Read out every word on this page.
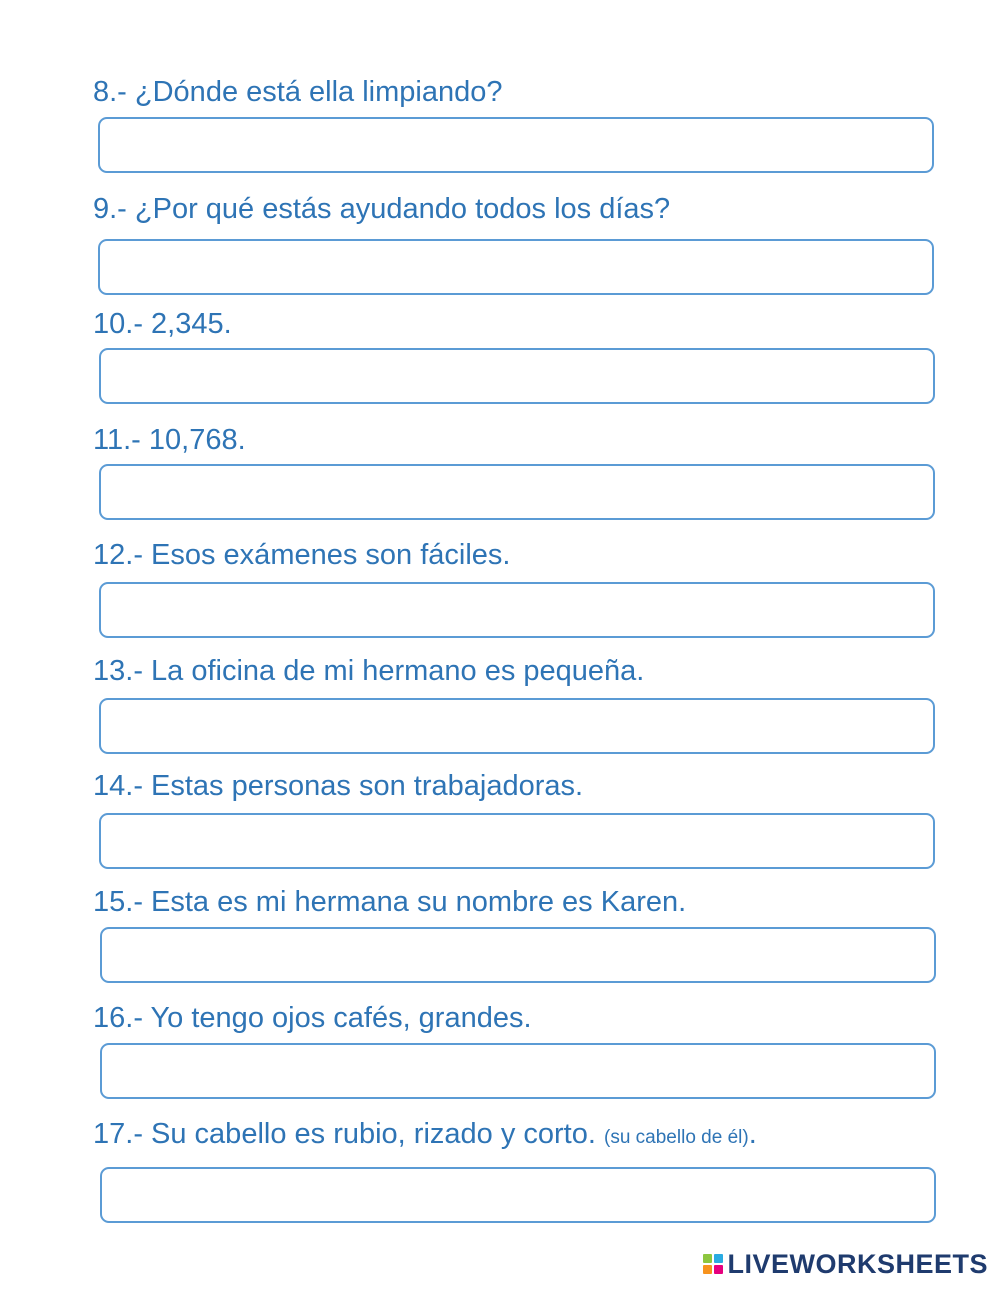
8.- ¿Dónde está ella limpiando?

9.- ¿Por qué estás ayudando todos los días?

10.- 2,345.

11.- 10,768.

12.- Esos exámenes son fáciles.

13.- La oficina de mi hermano es pequeña.

14.- Estas personas son trabajadoras.

15.- Esta es mi hermana su nombre es Karen.

16.- Yo tengo ojos cafés, grandes.

17.- Su cabello es rubio, rizado y corto. (su cabello de él).

LIVEWORKSHEETS
